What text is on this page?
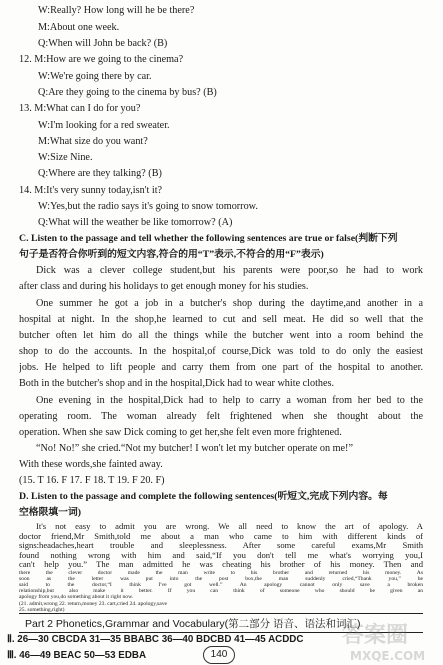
W:Really? How long will he be there?
M:About one week.
Q:When will John be back? (B)
12. M:How are we going to the cinema?
W:We're going there by car.
Q:Are they going to the cinema by bus? (B)
13. M:What can I do for you?
W:I'm looking for a red sweater.
M:What size do you want?
W:Size Nine.
Q:Where are they talking? (B)
14. M:It's very sunny today,isn't it?
W:Yes,but the radio says it's going to snow tomorrow.
Q:What will the weather be like tomorrow? (A)
C. Listen to the passage and tell whether the following sentences are true or false(判断下列
句子是否符合你听到的短文内容,符合的用“T”表示,不符合的用“F”表示)
Dick was a clever college student,but his parents were poor,so he had to work
after class and during his holidays to get enough money for his studies.
One summer he got a job in a butcher's shop during the daytime,and another in a
hospital at night. In the shop,he learned to cut and sell meat. He did so well that the
butcher often let him do all the things while the butcher went into a room behind the
shop to do the accounts. In the hospital,of course,Dick was told to do only the easiest
jobs. He helped to lift people and carry them from one part of the hospital to another.
Both in the butcher's shop and in the hospital,Dick had to wear white clothes.
One evening in the hospital,Dick had to help to carry a woman from her bed to the
operating room. The woman already felt frightened when she thought about the
operation. When she saw Dick coming to get her,she felt even more frightened.
“No! No!” she cried.“Not my butcher! I won't let my butcher operate on me!”
With these words,she fainted away.
(15. T 16. F 17. F 18. T 19. F 20. F)
D. Listen to the passage and complete the following sentences(听短文,完成下列内容。每
空格限填一词)
It's not easy to admit you are wrong. We all need to know the art of apology. A
doctor friend,Mr Smith,told me about a man who came to him with different kinds of
signs:headaches,heart trouble and sleeplessness. After some careful exams,Mr Smith
found nothing wrong with him and said,“If you don't tell me what's worrying you,I
can't help you.” The man admitted he was cheating his brother of his money. Then and
Part 2 Phonetics,Grammar and Vocabulary(第二部分 语音、语法和词汇)
Ⅱ. 26—30 CBCDA 31—35 BBABC 36—40 BDCBD 41—45 ACDDC
Ⅲ. 46—49 BEAC 50—53 EDBA	140
答案圈
MXQE.COM
there the clever doctor made the man write to his brother and returned his money. As
soon as the letter was put into the post box,the man suddenly cried,“Thank you,” he
said to the doctor,“I think I've got well.” An apology cannot only save a broken
relationship,but also make it better. If you can think of someone who should be given an
apology from you,do something about it right now.
(21. admit,wrong 22. return,money 23. cart,cried 24. apology,save
25. something,right)
